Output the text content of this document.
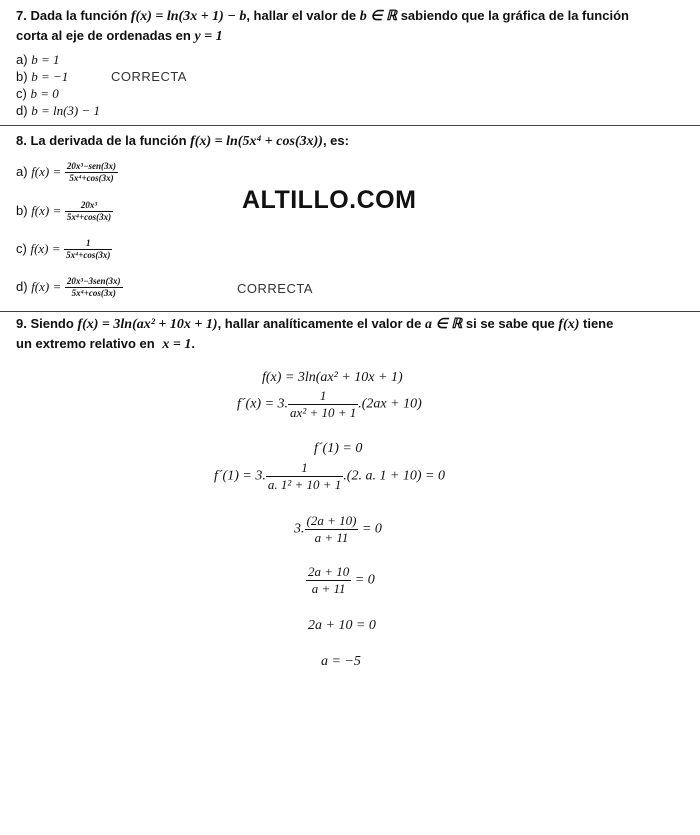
7. Dada la función f(x) = ln(3x + 1) − b, hallar el valor de b ∈ ℝ sabiendo que la gráfica de la función
corta al eje de ordenadas en y = 1
a) b = 1
b) b = −1	CORRECTA
c) b = 0
d) b = ln(3) − 1
8. La derivada de la función f(x) = ln(5x⁴ + cos(3x)), es:
a) $f(x) = \frac{\text{20x³−sen(3x)}}{\text{5x⁴+cos(3x)}}$
b) $f(x) = \frac{\text{20x³}}{\text{5x⁴+cos(3x)}}$
c) $f(x) = \frac{1}{\text{5x⁴+cos(3x)}}$
d) $f(x) = \frac{\text{20x³−3sen(3x)}}{\text{5x⁴+cos(3x)}}$	CORRECTA
ALTILLO.COM
9. Siendo f(x) = 3ln(ax² + 10x + 1), hallar analíticamente el valor de a ∈ ℝ si se sabe que f(x) tiene
un extremo relativo en x = 1.
f(x) = 3ln(ax² + 10x + 1)
f´(x) = 3. $\frac{1}{\text{ax² + 10 + 1}} .(2ax + 10)$
f´(1) = 0
f´(1) = 3. $\frac{1}{\text{a. 1² + 10 + 1}} .(2$. a. 1 + 10) = 0
3. $\frac{(2a + 10)}{a + 11} = 0$
$\frac{2a + 10}{a + 11} = 0$
2a + 10 = 0
a = −5
